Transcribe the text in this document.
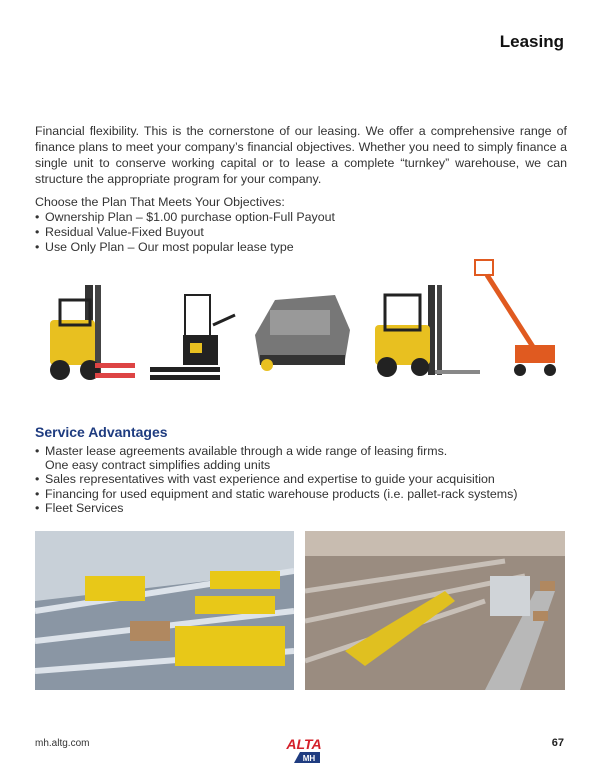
Leasing

Financial flexibility. This is the cornerstone of our leasing. We offer a comprehensive range of finance plans to meet your company’s financial objectives. Whether you need to simply finance a single unit to conserve working capital or to lease a complete “turnkey” warehouse, we can structure the appropriate program for your company.

Choose the Plan That Meets Your Objectives:
• Ownership Plan – $1.00 purchase option-Full Payout
• Residual Value-Fixed Buyout
• Use Only Plan – Our most popular lease type
Service Advantages
• Master lease agreements available through a wide range of leasing firms.
One easy contract simplifies adding units
• Sales representatives with vast experience and expertise to guide your acquisition
• Financing for used equipment and static warehouse products (i.e. pallet-rack systems)
• Fleet Services
mh.altg.com	ALTA
MH
67
